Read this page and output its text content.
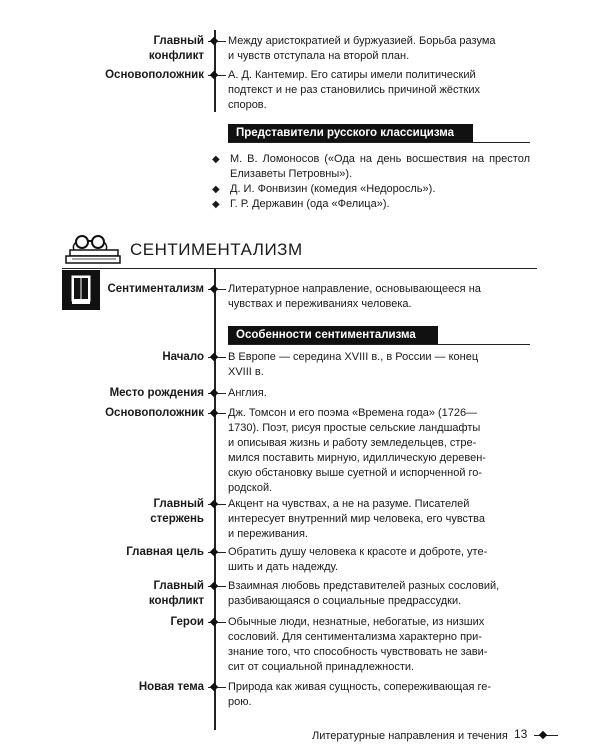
Главный
конфликт
Между аристократией и буржуазией. Борьба разума
и чувств отступала на второй план.
Основоположник А. Д. Кантемир. Его сатиры имели политический
подтекст и не раз становились причиной жёстких
споров.
Представители русского классицизма
◆ М. В. Ломоносов («Ода на день восшествия на престол Елизаветы Петровны»).
◆ Д. И. Фонвизин (комедия «Недоросль»).
◆ Г. Р. Державин (ода «Фелица»).
СЕНТИМЕНТАЛИЗМ
Сентиментализм Литературное направление, основывающееся на
чувствах и переживаниях человека.
Особенности сентиментализма
Начало В Европе — середина XVIII в., в России — конец
XVIII в.
Место рождения Англия.
Основоположник Дж. Томсон и его поэма «Времена года» (1726—
1730). Поэт, рисуя простые сельские ландшафты
и описывая жизнь и работу земледельцев, стре-
мился поставить мирную, идиллическую деревен-
скую обстановку выше суетной и испорченной го-
родской.
Главный
стержень
Акцент на чувствах, а не на разуме. Писателей
интересует внутренний мир человека, его чувства
и переживания.
Главная цель Обратить душу человека к красоте и доброте, уте-
шить и дать надежду.
Главный
конфликт
Взаимная любовь представителей разных сословий,
разбивающаяся о социальные предрассудки.
Герои Обычные люди, незнатные, небогатые, из низших
сословий. Для сентиментализма характерно при-
знание того, что способность чувствовать не зави-
сит от социальной принадлежности.
Новая тема Природа как живая сущность, сопереживающая ге-
рою.
Литературные направления и течения 13
